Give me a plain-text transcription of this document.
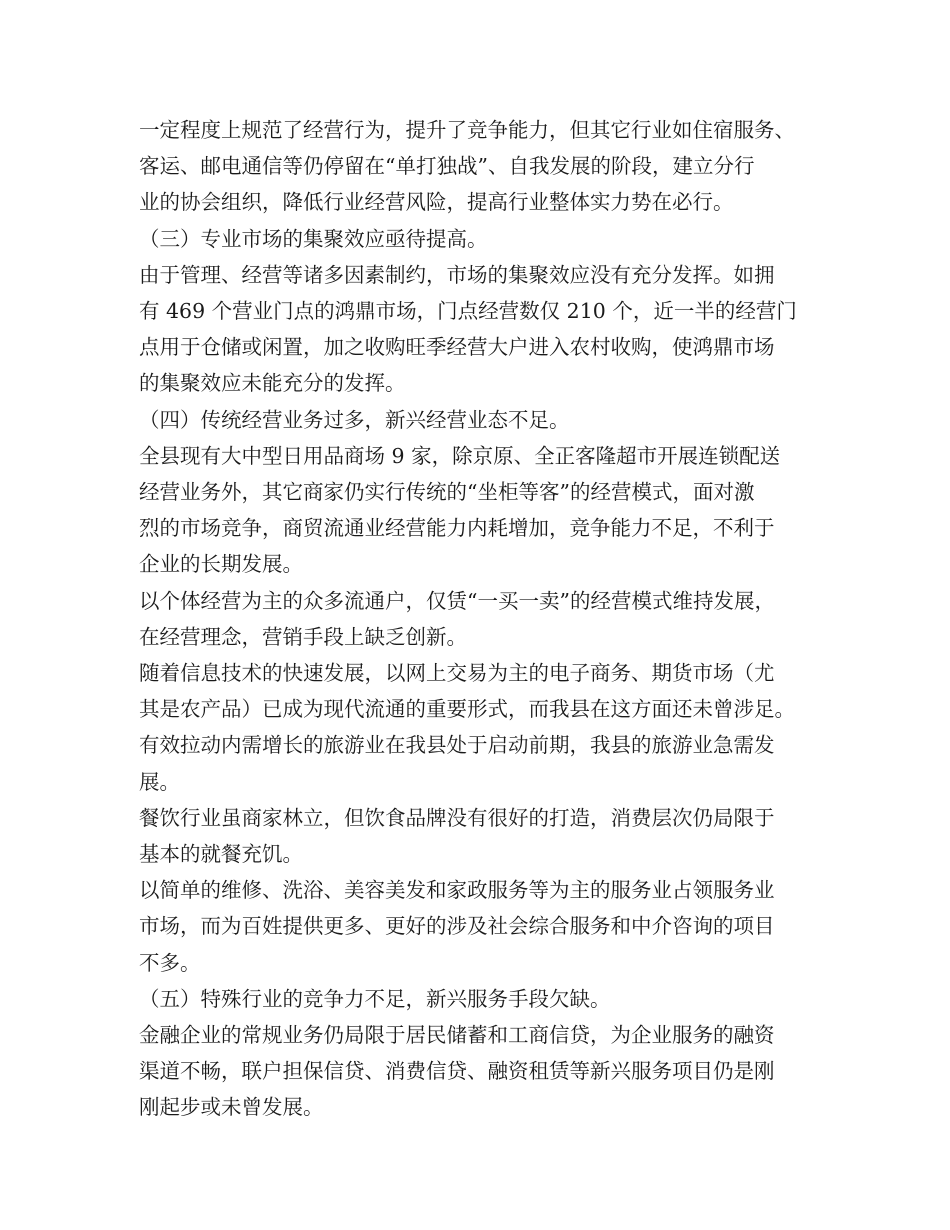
一定程度上规范了经营行为，提升了竞争能力，但其它行业如住宿服务、
客运、邮电通信等仍停留在“单打独战”、自我发展的阶段，建立分行
业的协会组织，降低行业经营风险，提高行业整体实力势在必行。

（三）专业市场的集聚效应亟待提高。

由于管理、经营等诸多因素制约，市场的集聚效应没有充分发挥。如拥
有 469 个营业门点的鸿鼎市场，门点经营数仅 210 个，近一半的经营门
点用于仓储或闲置，加之收购旺季经营大户进入农村收购，使鸿鼎市场
的集聚效应未能充分的发挥。

（四）传统经营业务过多，新兴经营业态不足。

全县现有大中型日用品商场 9 家，除京原、全正客隆超市开展连锁配送
经营业务外，其它商家仍实行传统的“坐柜等客”的经营模式，面对激
烈的市场竞争，商贸流通业经营能力内耗增加，竞争能力不足，不利于
企业的长期发展。

以个体经营为主的众多流通户，仅赁“一买一卖”的经营模式维持发展，
在经营理念，营销手段上缺乏创新。

随着信息技术的快速发展，以网上交易为主的电子商务、期货市场（尤
其是农产品）已成为现代流通的重要形式，而我县在这方面还未曾涉足。

有效拉动内需增长的旅游业在我县处于启动前期，我县的旅游业急需发
展。

餐饮行业虽商家林立，但饮食品牌没有很好的打造，消费层次仍局限于
基本的就餐充饥。

以简单的维修、洗浴、美容美发和家政服务等为主的服务业占领服务业
市场，而为百姓提供更多、更好的涉及社会综合服务和中介咨询的项目
不多。

（五）特殊行业的竞争力不足，新兴服务手段欠缺。

金融企业的常规业务仍局限于居民储蓄和工商信贷，为企业服务的融资
渠道不畅，联户担保信贷、消费信贷、融资租赁等新兴服务项目仍是刚
刚起步或未曾发展。
